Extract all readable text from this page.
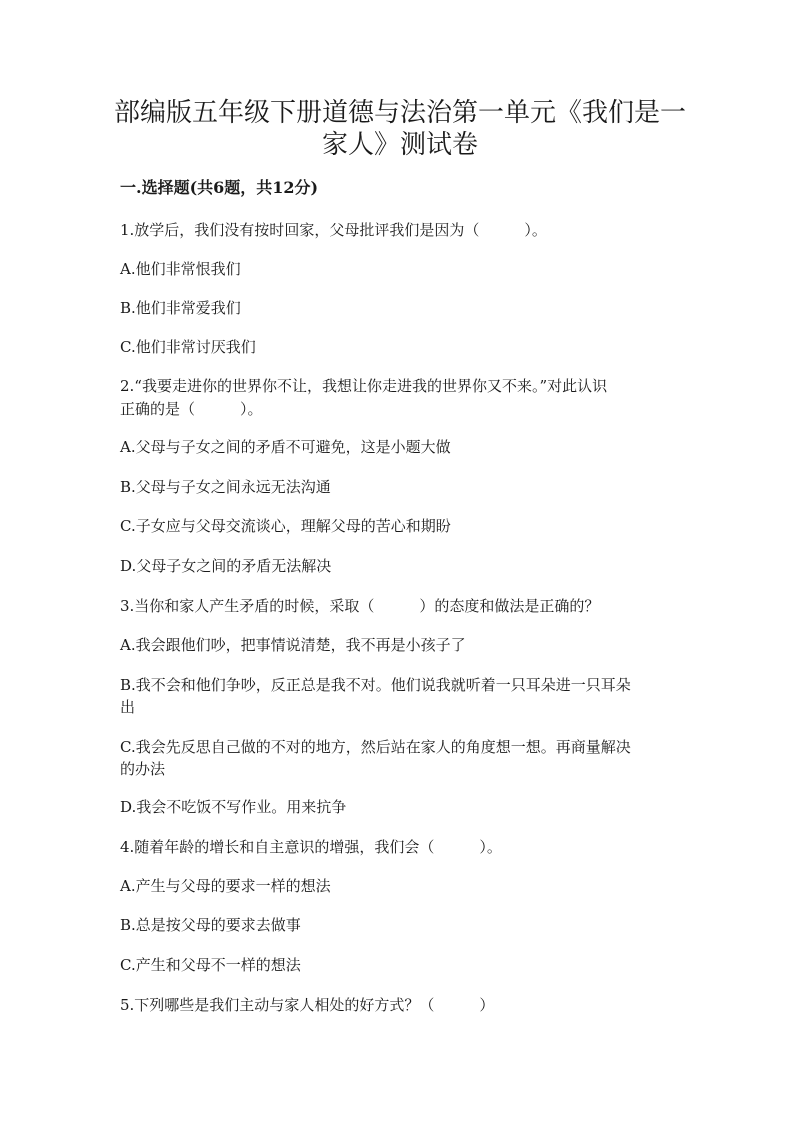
部编版五年级下册道德与法治第一单元《我们是一
家人》测试卷

一.选择题(共6题，共12分)

1.放学后，我们没有按时回家，父母批评我们是因为（　　　）。

A.他们非常恨我们

B.他们非常爱我们

C.他们非常讨厌我们

2.“我要走进你的世界你不让，我想让你走进我的世界你又不来。”对此认识

正确的是（　　　）。

A.父母与子女之间的矛盾不可避免，这是小题大做

B.父母与子女之间永远无法沟通

C.子女应与父母交流谈心，理解父母的苦心和期盼

D.父母子女之间的矛盾无法解决

3.当你和家人产生矛盾的时候，采取（　　　）的态度和做法是正确的？

A.我会跟他们吵，把事情说清楚，我不再是小孩子了

B.我不会和他们争吵，反正总是我不对。他们说我就听着一只耳朵进一只耳朵

出

C.我会先反思自己做的不对的地方，然后站在家人的角度想一想。再商量解决

的办法

D.我会不吃饭不写作业。用来抗争

4.随着年龄的增长和自主意识的增强，我们会（　　　）。

A.产生与父母的要求一样的想法

B.总是按父母的要求去做事

C.产生和父母不一样的想法

5.下列哪些是我们主动与家人相处的好方式？（　　　）
